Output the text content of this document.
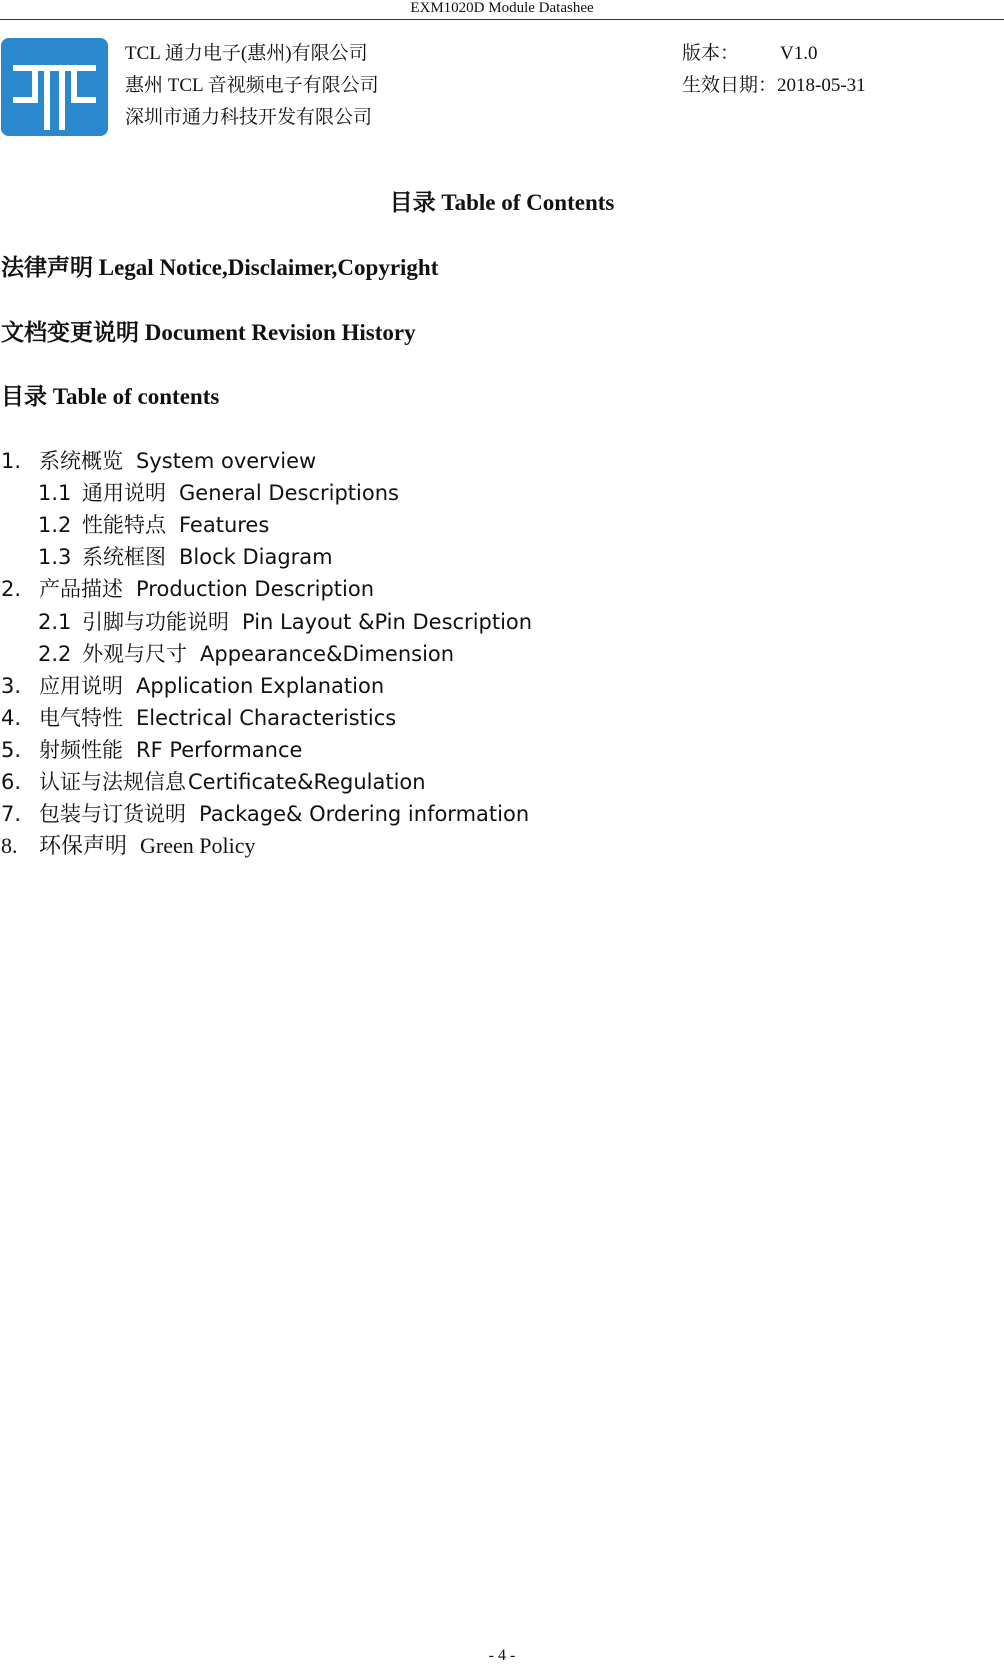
EXM1020D Module Datashee
TCL 通力电子(惠州)有限公司
惠州 TCL 音视频电子有限公司
深圳市通力科技开发有限公司
版本： V1.0
生效日期：2018-05-31
目录 Table of Contents
法律声明 Legal Notice,Disclaimer,Copyright
文档变更说明 Document Revision History
目录 Table of contents
1. 系统概览 System overview
1.1 通用说明 General Descriptions
1.2 性能特点 Features
1.3 系统框图 Block Diagram
2. 产品描述 Production Description
2.1 引脚与功能说明 Pin Layout &Pin Description
2.2 外观与尺寸 Appearance&Dimension
3. 应用说明 Application Explanation
4. 电气特性 Electrical Characteristics
5. 射频性能 RF Performance
6. 认证与法规信息Certificate&Regulation
7. 包装与订货说明 Package& Ordering information
8. 环保声明 Green Policy
- 4 -
